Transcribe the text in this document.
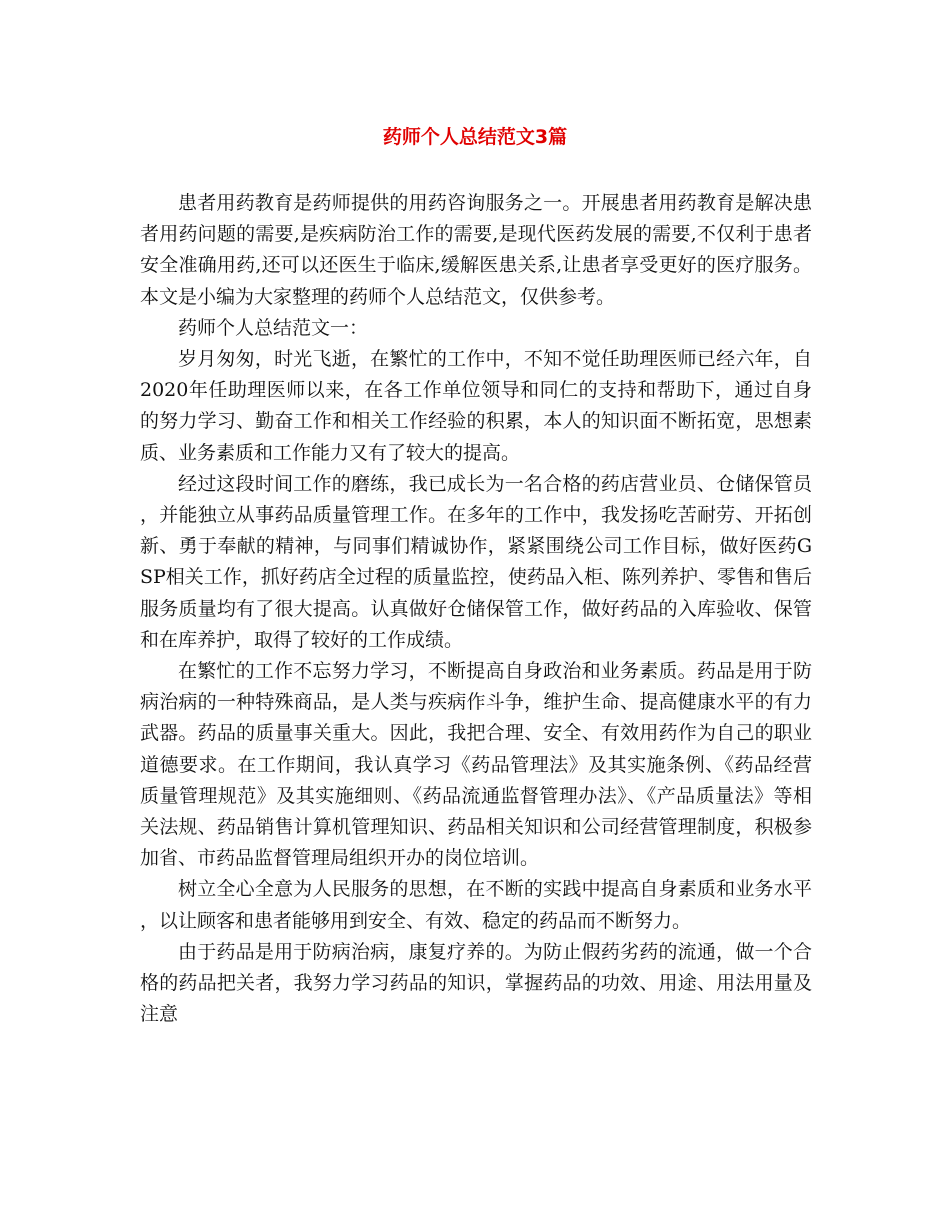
药师个人总结范文3篇

患者用药教育是药师提供的用药咨询服务之一。开展患者用药教育是解决患者用药问题的需要,是疾病防治工作的需要,是现代医药发展的需要,不仅利于患者安全准确用药,还可以还医生于临床,缓解医患关系,让患者享受更好的医疗服务。本文是小编为大家整理的药师个人总结范文，仅供参考。

药师个人总结范文一：

岁月匆匆，时光飞逝，在繁忙的工作中，不知不觉任助理医师已经六年，自2020年任助理医师以来，在各工作单位领导和同仁的支持和帮助下，通过自身的努力学习、勤奋工作和相关工作经验的积累，本人的知识面不断拓宽，思想素质、业务素质和工作能力又有了较大的提高。

经过这段时间工作的磨练，我已成长为一名合格的药店营业员、仓储保管员，并能独立从事药品质量管理工作。在多年的工作中，我发扬吃苦耐劳、开拓创新、勇于奉献的精神，与同事们精诚协作，紧紧围绕公司工作目标，做好医药GSP相关工作，抓好药店全过程的质量监控，使药品入柜、陈列养护、零售和售后服务质量均有了很大提高。认真做好仓储保管工作，做好药品的入库验收、保管和在库养护，取得了较好的工作成绩。

在繁忙的工作不忘努力学习，不断提高自身政治和业务素质。药品是用于防病治病的一种特殊商品，是人类与疾病作斗争，维护生命、提高健康水平的有力武器。药品的质量事关重大。因此，我把合理、安全、有效用药作为自己的职业道德要求。在工作期间，我认真学习《药品管理法》及其实施条例、《药品经营质量管理规范》及其实施细则、《药品流通监督管理办法》、《产品质量法》等相关法规、药品销售计算机管理知识、药品相关知识和公司经营管理制度，积极参加省、市药品监督管理局组织开办的岗位培训。

树立全心全意为人民服务的思想，在不断的实践中提高自身素质和业务水平，以让顾客和患者能够用到安全、有效、稳定的药品而不断努力。

由于药品是用于防病治病，康复疗养的。为防止假药劣药的流通，做一个合格的药品把关者，我努力学习药品的知识，掌握药品的功效、用途、用法用量及注意
